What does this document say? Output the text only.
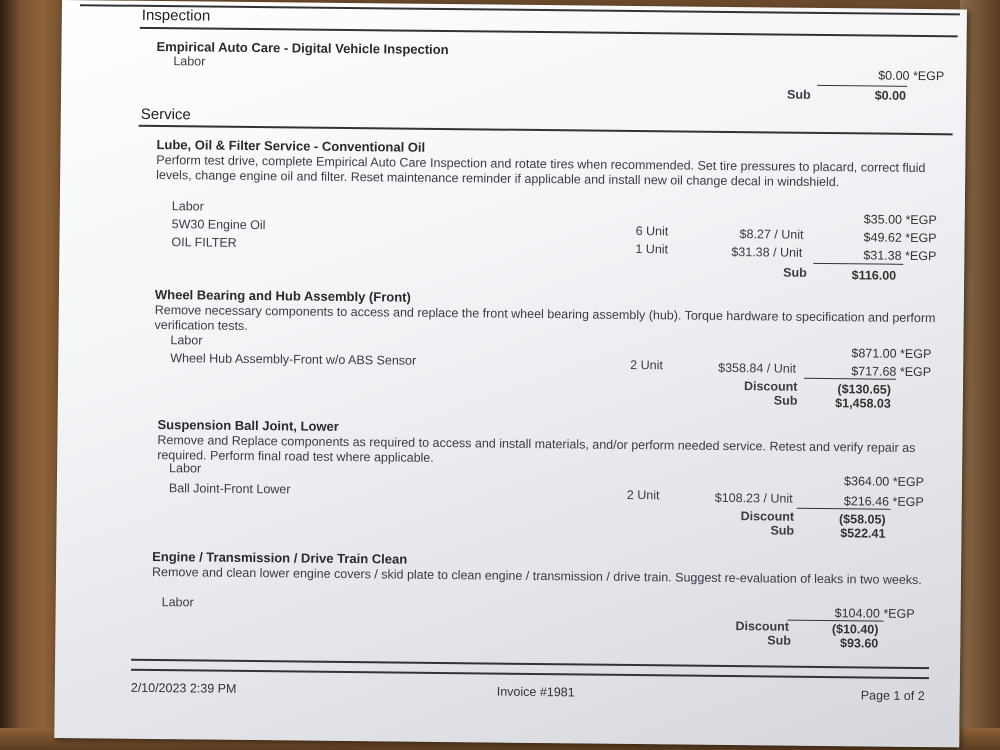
Inspection
Empirical Auto Care - Digital Vehicle Inspection
Labor
$0.00 *EGP
Sub	$0.00
Service
Lube, Oil & Filter Service - Conventional Oil
Perform test drive, complete Empirical Auto Care Inspection and rotate tires when recommended. Set tire pressures to placard, correct fluid levels, change engine oil and filter. Reset maintenance reminder if applicable and install new oil change decal in windshield.
Labor
$35.00 *EGP
5W30 Engine Oil	6 Unit	$8.27 / Unit	$49.62 *EGP
OIL FILTER	1 Unit	$31.38 / Unit	$31.38 *EGP
Sub	$116.00
Wheel Bearing and Hub Assembly (Front)
Remove necessary components to access and replace the front wheel bearing assembly (hub). Torque hardware to specification and perform verification tests.
Labor
$871.00 *EGP
Wheel Hub Assembly-Front w/o ABS Sensor	2 Unit	$358.84 / Unit	$717.68 *EGP
Discount	($130.65)
Sub	$1,458.03
Suspension Ball Joint, Lower
Remove and Replace components as required to access and install materials, and/or perform needed service. Retest and verify repair as required. Perform final road test where applicable.
Labor
$364.00 *EGP
Ball Joint-Front Lower	2 Unit	$108.23 / Unit	$216.46 *EGP
Discount	($58.05)
Sub	$522.41
Engine / Transmission / Drive Train Clean
Remove and clean lower engine covers / skid plate to clean engine / transmission / drive train. Suggest re-evaluation of leaks in two weeks.
Labor
$104.00 *EGP
Discount	($10.40)
Sub	$93.60
2/10/2023 2:39 PM	Invoice #1981	Page 1 of 2
